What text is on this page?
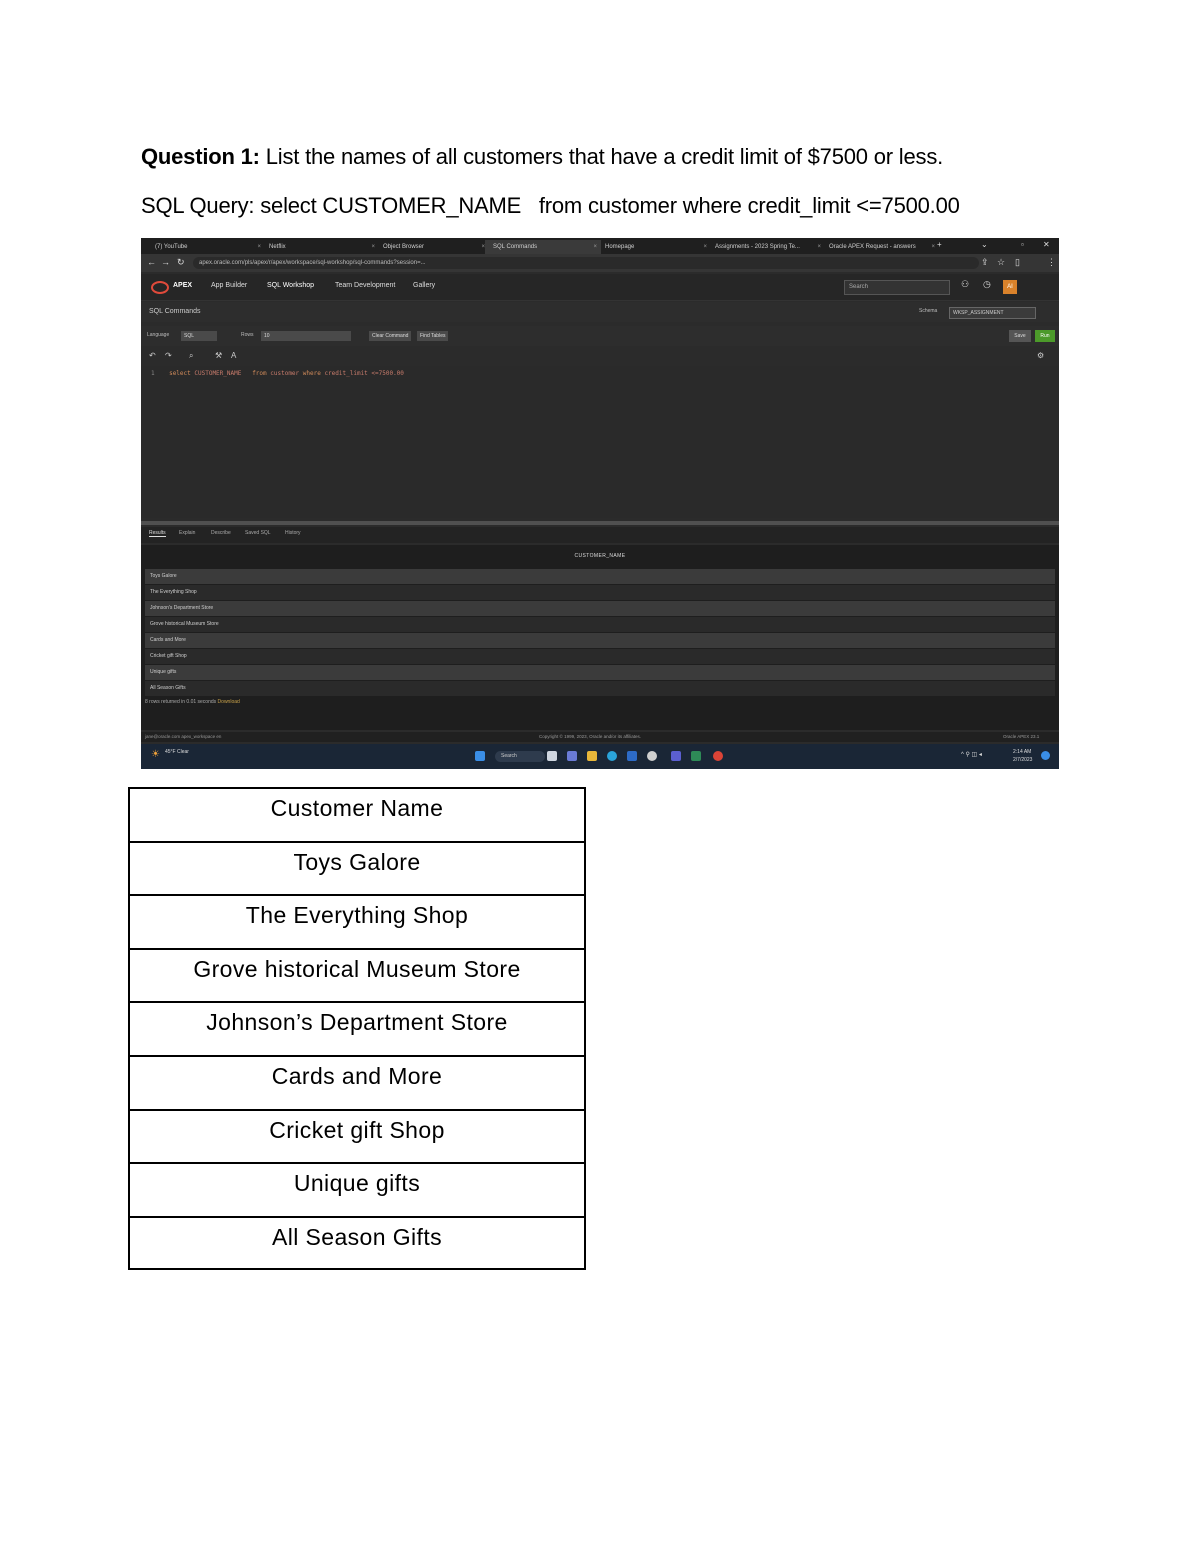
Question 1: List the names of all customers that have a credit limit of $7500 or less.
SQL Query: select CUSTOMER_NAME   from customer where credit_limit <=7500.00
(7) YouTube	×	Netflix	×	Object Browser	×	SQL Commands	×	Homepage	×	Assignments - 2023 Spring Te...	×	Oracle APEX Request - answers	× +	⌄	▫ ✕
← → ↻	apex.oracle.com/pls/apex/r/apex/workspace/sql-workshop/sql-commands?session=...	⇪ ☆ ▯	⋮
APEX	App Builder	SQL Workshop	Team Development	Gallery	Search	⚇ ◷	AI
SQL Commands	Schema	WKSP_ASSIGNMENT
Language	SQL	Rows	10	Clear Command	Find Tables	Save	Run
↶ ↷ ⌕	⚒ A	⚙
1 select CUSTOMER_NAME   from customer where credit_limit <=7500.00
Results	Explain	Describe	Saved SQL	History
CUSTOMER_NAME
Toys Galore
The Everything Shop
Johnson's Department Store
Grove historical Museum Store
Cards and More
Cricket gift Shop
Unique gifts
All Season Gifts
8 rows returned in 0.01 seconds Download
jane@oracle.com apex_workspace en	Copyright © 1999, 2023, Oracle and/or its affiliates.	Oracle APEX 23.1
☀ 45°F Clear
Search	^ ⚲ ◫ ◂	2:14 AM
2/7/2023
Customer Name
Toys Galore
The Everything Shop
Grove historical Museum Store
Johnson’s Department Store
Cards and More
Cricket gift Shop
Unique gifts
All Season Gifts
